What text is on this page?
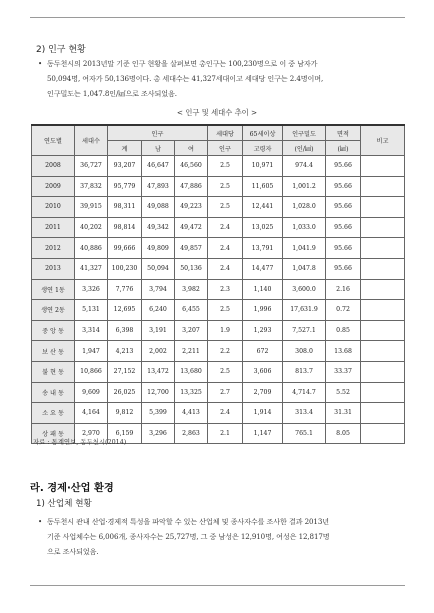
2) 인구 현황
• 동두천시의 2013년말 기준 인구 현황을 살펴보면 총인구는 100,230명으로 이 중 남자가
50,094명, 여자가 50,136명이다. 총 세대수는 41,327세대이고 세대당 인구는 2.4명이며,
인구밀도는 1,047.8인/㎢으로 조사되었음.
< 인구 및 세대수 추이 >
연도별	세대수	인구			세대당	65세이상	인구밀도	면적	비고
		계	남	여	인구	고령자	(인/㎢)	(㎢)	
2008	36,727	93,207	46,647	46,560	2.5	10,971	974.4	95.66	
2009	37,832	95,779	47,893	47,886	2.5	11,605	1,001.2	95.66	
2010	39,915	98,311	49,088	49,223	2.5	12,441	1,028.0	95.66	
2011	40,202	98,814	49,342	49,472	2.4	13,025	1,033.0	95.66	
2012	40,886	99,666	49,809	49,857	2.4	13,791	1,041.9	95.66	
2013	41,327	100,230	50,094	50,136	2.4	14,477	1,047.8	95.66	
생연 1동	3,326	7,776	3,794	3,982	2.3	1,140	3,600.0	2.16	
생연 2동	5,131	12,695	6,240	6,455	2.5	1,996	17,631.9	0.72	
중 앙 동	3,314	6,398	3,191	3,207	1.9	1,293	7,527.1	0.85	
보 산 동	1,947	4,213	2,002	2,211	2.2	672	308.0	13.68	
불 현 동	10,866	27,152	13,472	13,680	2.5	3,606	813.7	33.37	
송 내 동	9,609	26,025	12,700	13,325	2.7	2,709	4,714.7	5.52	
소 요 동	4,164	9,812	5,399	4,413	2.4	1,914	313.4	31.31	
상 패 동	2,970	6,159	3,296	2,863	2.1	1,147	765.1	8.05	
자료 : 통계연보, 동두천시(2014)
라. 경제·산업 환경
1) 산업체 현황
• 동두천시 관내 산업·경제적 특성을 파악할 수 있는 산업체 및 종사자수를 조사한 결과 2013년
기준 사업체수는 6,006개, 종사자수는 25,727명, 그 중 남성은 12,910명, 여성은 12,817명
으로 조사되었음.
